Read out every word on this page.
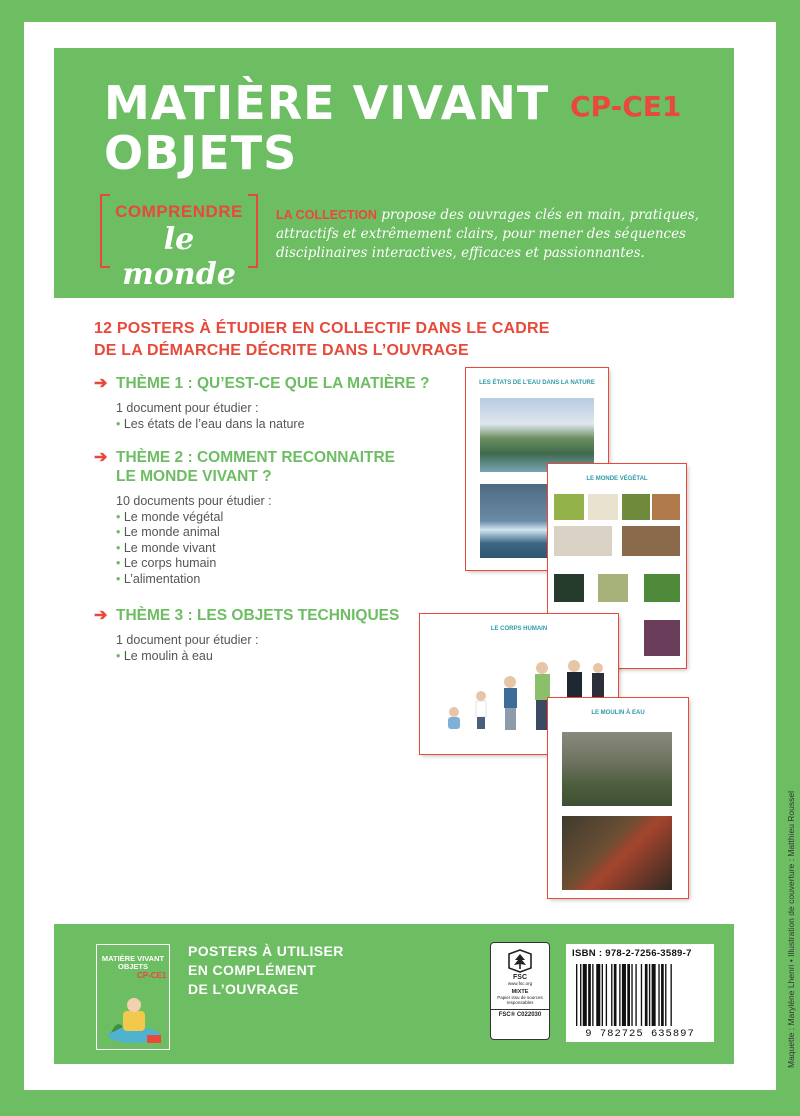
MATIÈRE VIVANT CP-CE1
OBJETS
COMPRENDRE
le monde
LA COLLECTION propose des ouvrages clés en main, pratiques, attractifs et extrêmement clairs, pour mener des séquences disciplinaires interactives, efficaces et passionnantes.
12 POSTERS À ÉTUDIER EN COLLECTIF DANS LE CADRE
DE LA DÉMARCHE DÉCRITE DANS L’OUVRAGE
➔ THÈME 1 : QU’EST-CE QUE LA MATIÈRE ?
1 document pour étudier :
• Les états de l’eau dans la nature
➔ THÈME 2 : COMMENT RECONNAITRE
LE MONDE VIVANT ?
10 documents pour étudier :
• Le monde végétal
• Le monde animal
• Le monde vivant
• Le corps humain
• L’alimentation
➔ THÈME 3 : LES OBJETS TECHNIQUES
1 document pour étudier :
• Le moulin à eau
LES ÉTATS DE L’EAU DANS LA NATURE
LE MONDE VÉGÉTAL
LE CORPS HUMAIN
LE MOULIN À EAU
MATIÈRE VIVANT
OBJETS
CP-CE1
POSTERS À UTILISER
EN COMPLÉMENT
DE L’OUVRAGE
FSC
www.fsc.org
MIXTE
Papier issu de sources responsables
FSC® C022030
ISBN : 978-2-7256-3589-7
9 782725 635897	Maquette : Marylène Lhenri • Illustration de couverture : Matthieu Roussel
